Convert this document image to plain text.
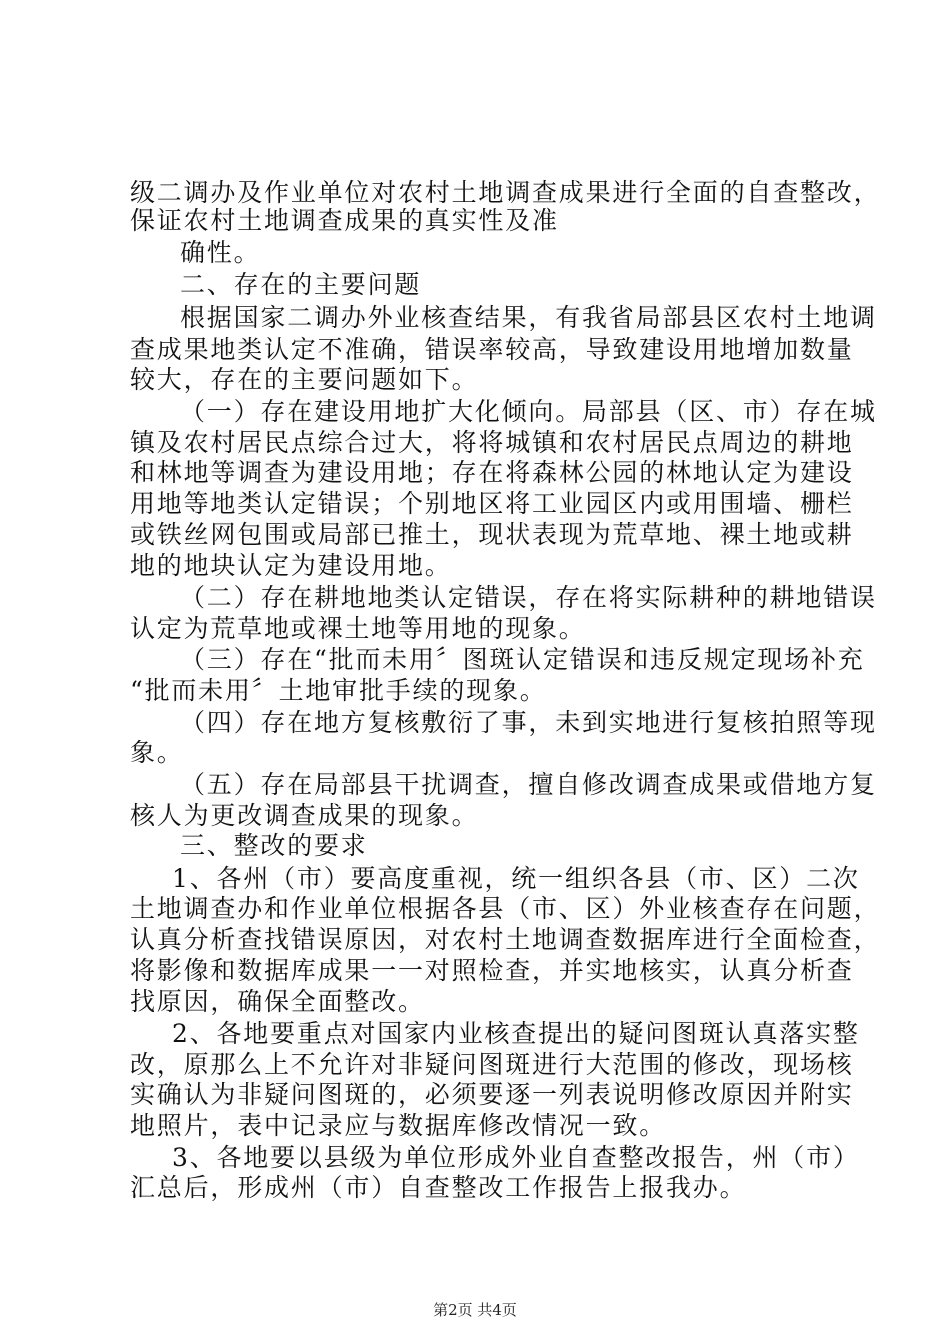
级二调办及作业单位对农村土地调查成果进行全面的自查整改，
保证农村土地调查成果的真实性及准
确性。
二、存在的主要问题
根据国家二调办外业核查结果，有我省局部县区农村土地调
查成果地类认定不准确，错误率较高，导致建设用地增加数量
较大，存在的主要问题如下。
（一）存在建设用地扩大化倾向。局部县（区、市）存在城
镇及农村居民点综合过大，将将城镇和农村居民点周边的耕地
和林地等调查为建设用地；存在将森林公园的林地认定为建设
用地等地类认定错误；个别地区将工业园区内或用围墙、栅栏
或铁丝网包围或局部已推土，现状表现为荒草地、裸土地或耕
地的地块认定为建设用地。
（二）存在耕地地类认定错误，存在将实际耕种的耕地错误
认定为荒草地或裸土地等用地的现象。
（三）存在“批而未用〞图斑认定错误和违反规定现场补充
“批而未用〞土地审批手续的现象。
（四）存在地方复核敷衍了事，未到实地进行复核拍照等现
象。
（五）存在局部县干扰调查，擅自修改调查成果或借地方复
核人为更改调查成果的现象。
三、整改的要求
1、各州（市）要高度重视，统一组织各县（市、区）二次
土地调查办和作业单位根据各县（市、区）外业核查存在问题，
认真分析查找错误原因，对农村土地调查数据库进行全面检查，
将影像和数据库成果一一对照检查，并实地核实，认真分析查
找原因，确保全面整改。
2、各地要重点对国家内业核查提出的疑问图斑认真落实整
改，原那么上不允许对非疑问图斑进行大范围的修改，现场核
实确认为非疑问图斑的，必须要逐一列表说明修改原因并附实
地照片，表中记录应与数据库修改情况一致。
3、各地要以县级为单位形成外业自查整改报告，州（市）
汇总后，形成州（市）自查整改工作报告上报我办。
第2页 共4页
